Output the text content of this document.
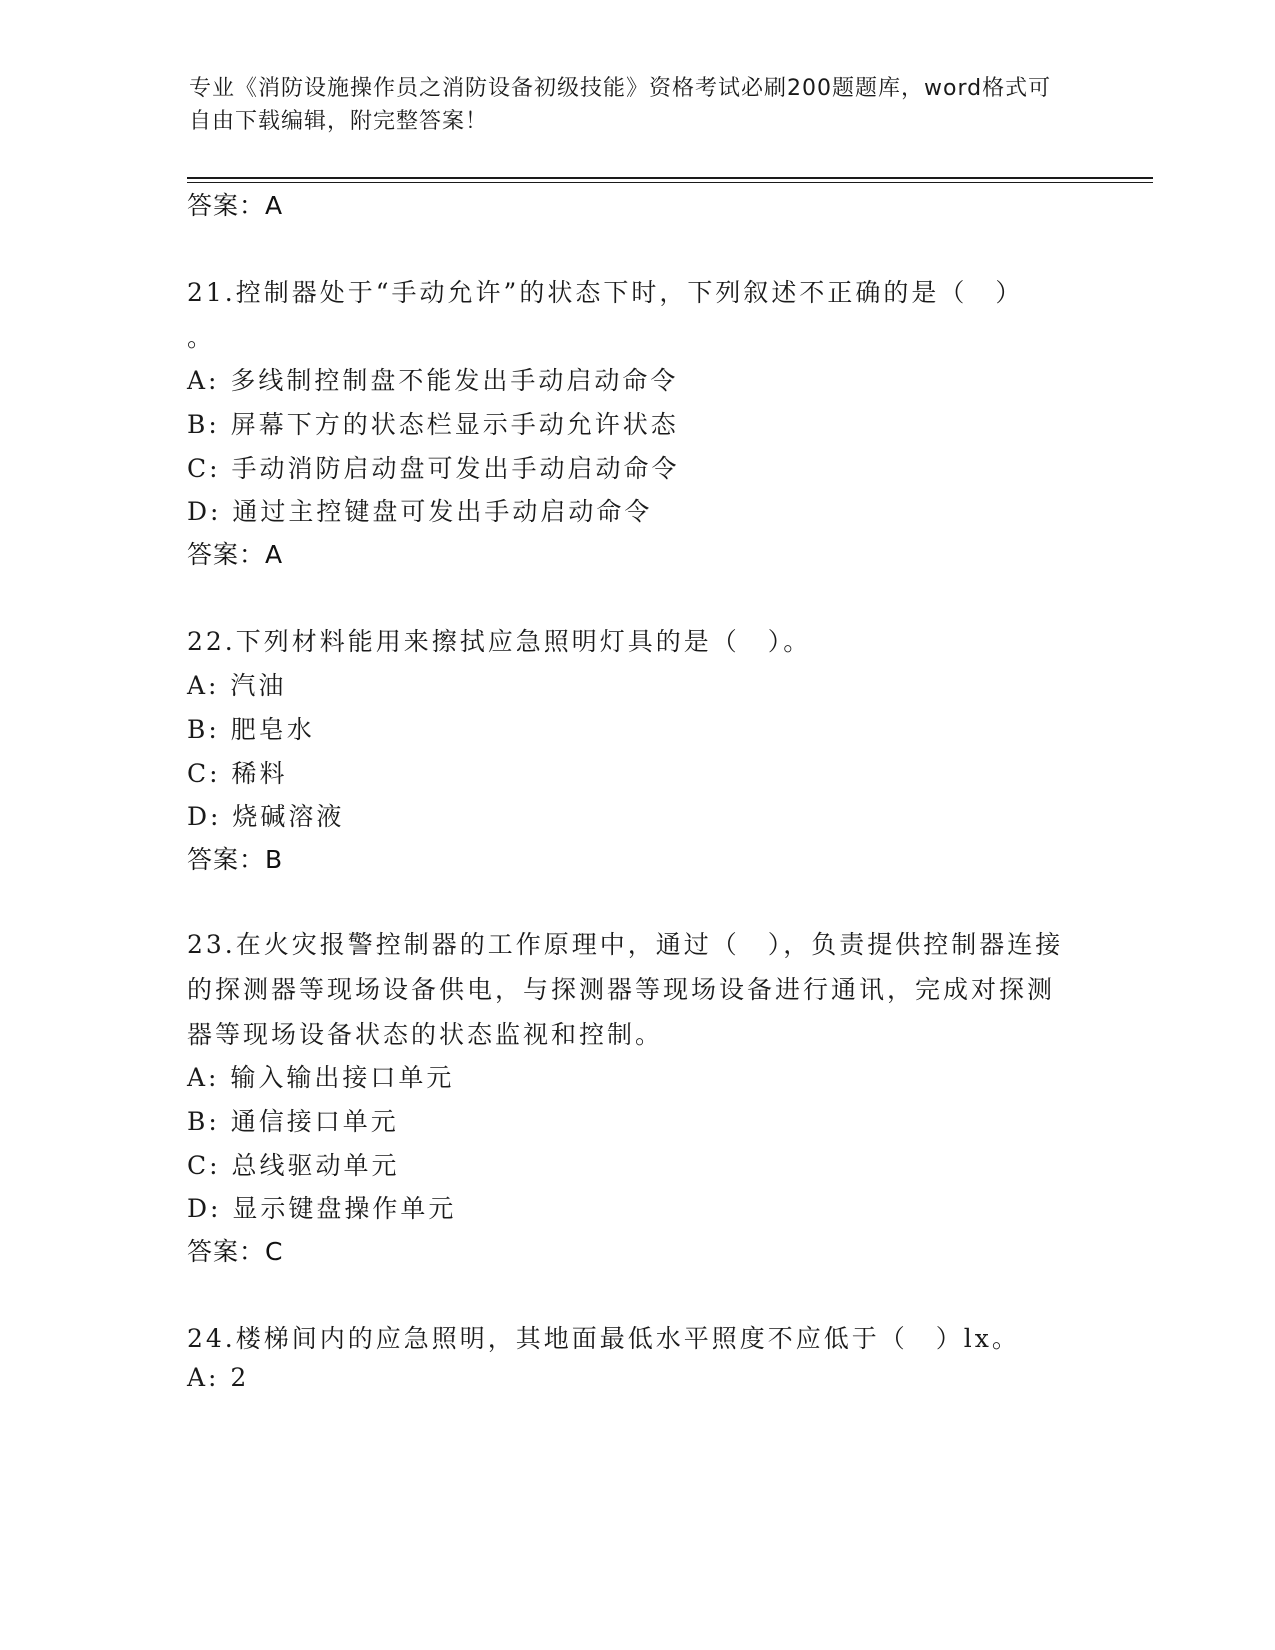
专业《消防设施操作员之消防设备初级技能》资格考试必刷200题题库，word格式可自由下载编辑，附完整答案！
答案：A
21.控制器处于“手动允许”的状态下时，下列叙述不正确的是（　）
。
A: 多线制控制盘不能发出手动启动命令
B: 屏幕下方的状态栏显示手动允许状态
C: 手动消防启动盘可发出手动启动命令
D: 通过主控键盘可发出手动启动命令
答案：A
22.下列材料能用来擦拭应急照明灯具的是（　）。
A: 汽油
B: 肥皂水
C: 稀料
D: 烧碱溶液
答案：B
23.在火灾报警控制器的工作原理中，通过（　），负责提供控制器连接的探测器等现场设备供电，与探测器等现场设备进行通讯，完成对探测器等现场设备状态的状态监视和控制。
A: 输入输出接口单元
B: 通信接口单元
C: 总线驱动单元
D: 显示键盘操作单元
答案：C
24.楼梯间内的应急照明，其地面最低水平照度不应低于（　）lx。
A: 2
